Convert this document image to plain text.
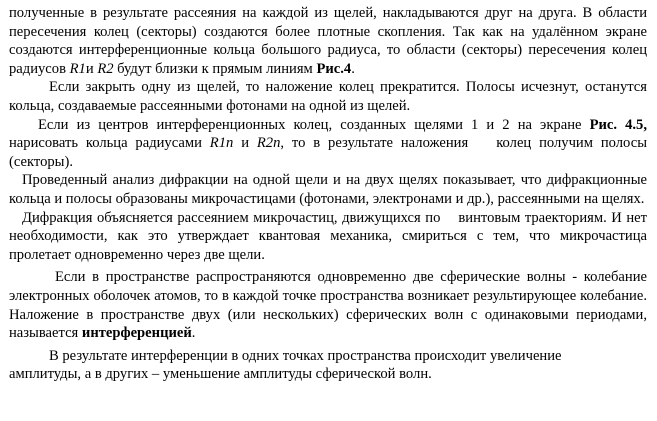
полученные в результате рассеяния на каждой из щелей, накладываются друг на друга. В области пересечения колец (секторы) создаются более плотные скопления. Так как на удалённом экране создаются интерференционные кольца большого радиуса, то области (секторы) пересечения колец радиусов R1и R2 будут близки к прямым линиям Рис.4.

Если закрыть одну из щелей, то наложение колец прекратится. Полосы исчезнут, останутся кольца, создаваемые рассеянными фотонами на одной из щелей.

Если из центров интерференционных колец, созданных щелями 1 и 2 на экране Рис. 4.5, нарисовать кольца радиусами R1n и R2n, то в результате наложения колец получим полосы (секторы).

Проведенный анализ дифракции на одной щели и на двух щелях показывает, что дифракционные кольца и полосы образованы микрочастицами (фотонами, электронами и др.), рассеянными на щелях.

Дифракция объясняется рассеянием микрочастиц, движущихся по винтовым траекториям. И нет необходимости, как это утверждает квантовая механика, смириться с тем, что микрочастица пролетает одновременно через две щели.

Если в пространстве распространяются одновременно две сферические волны - колебание электронных оболочек атомов, то в каждой точке пространства возникает результирующее колебание. Наложение в пространстве двух (или нескольких) сферических волн с одинаковыми периодами, называется интерференцией.

В результате интерференции в одних точках пространства происходит увеличение
амплитуды, а в других – уменьшение амплитуды сферической волн.
